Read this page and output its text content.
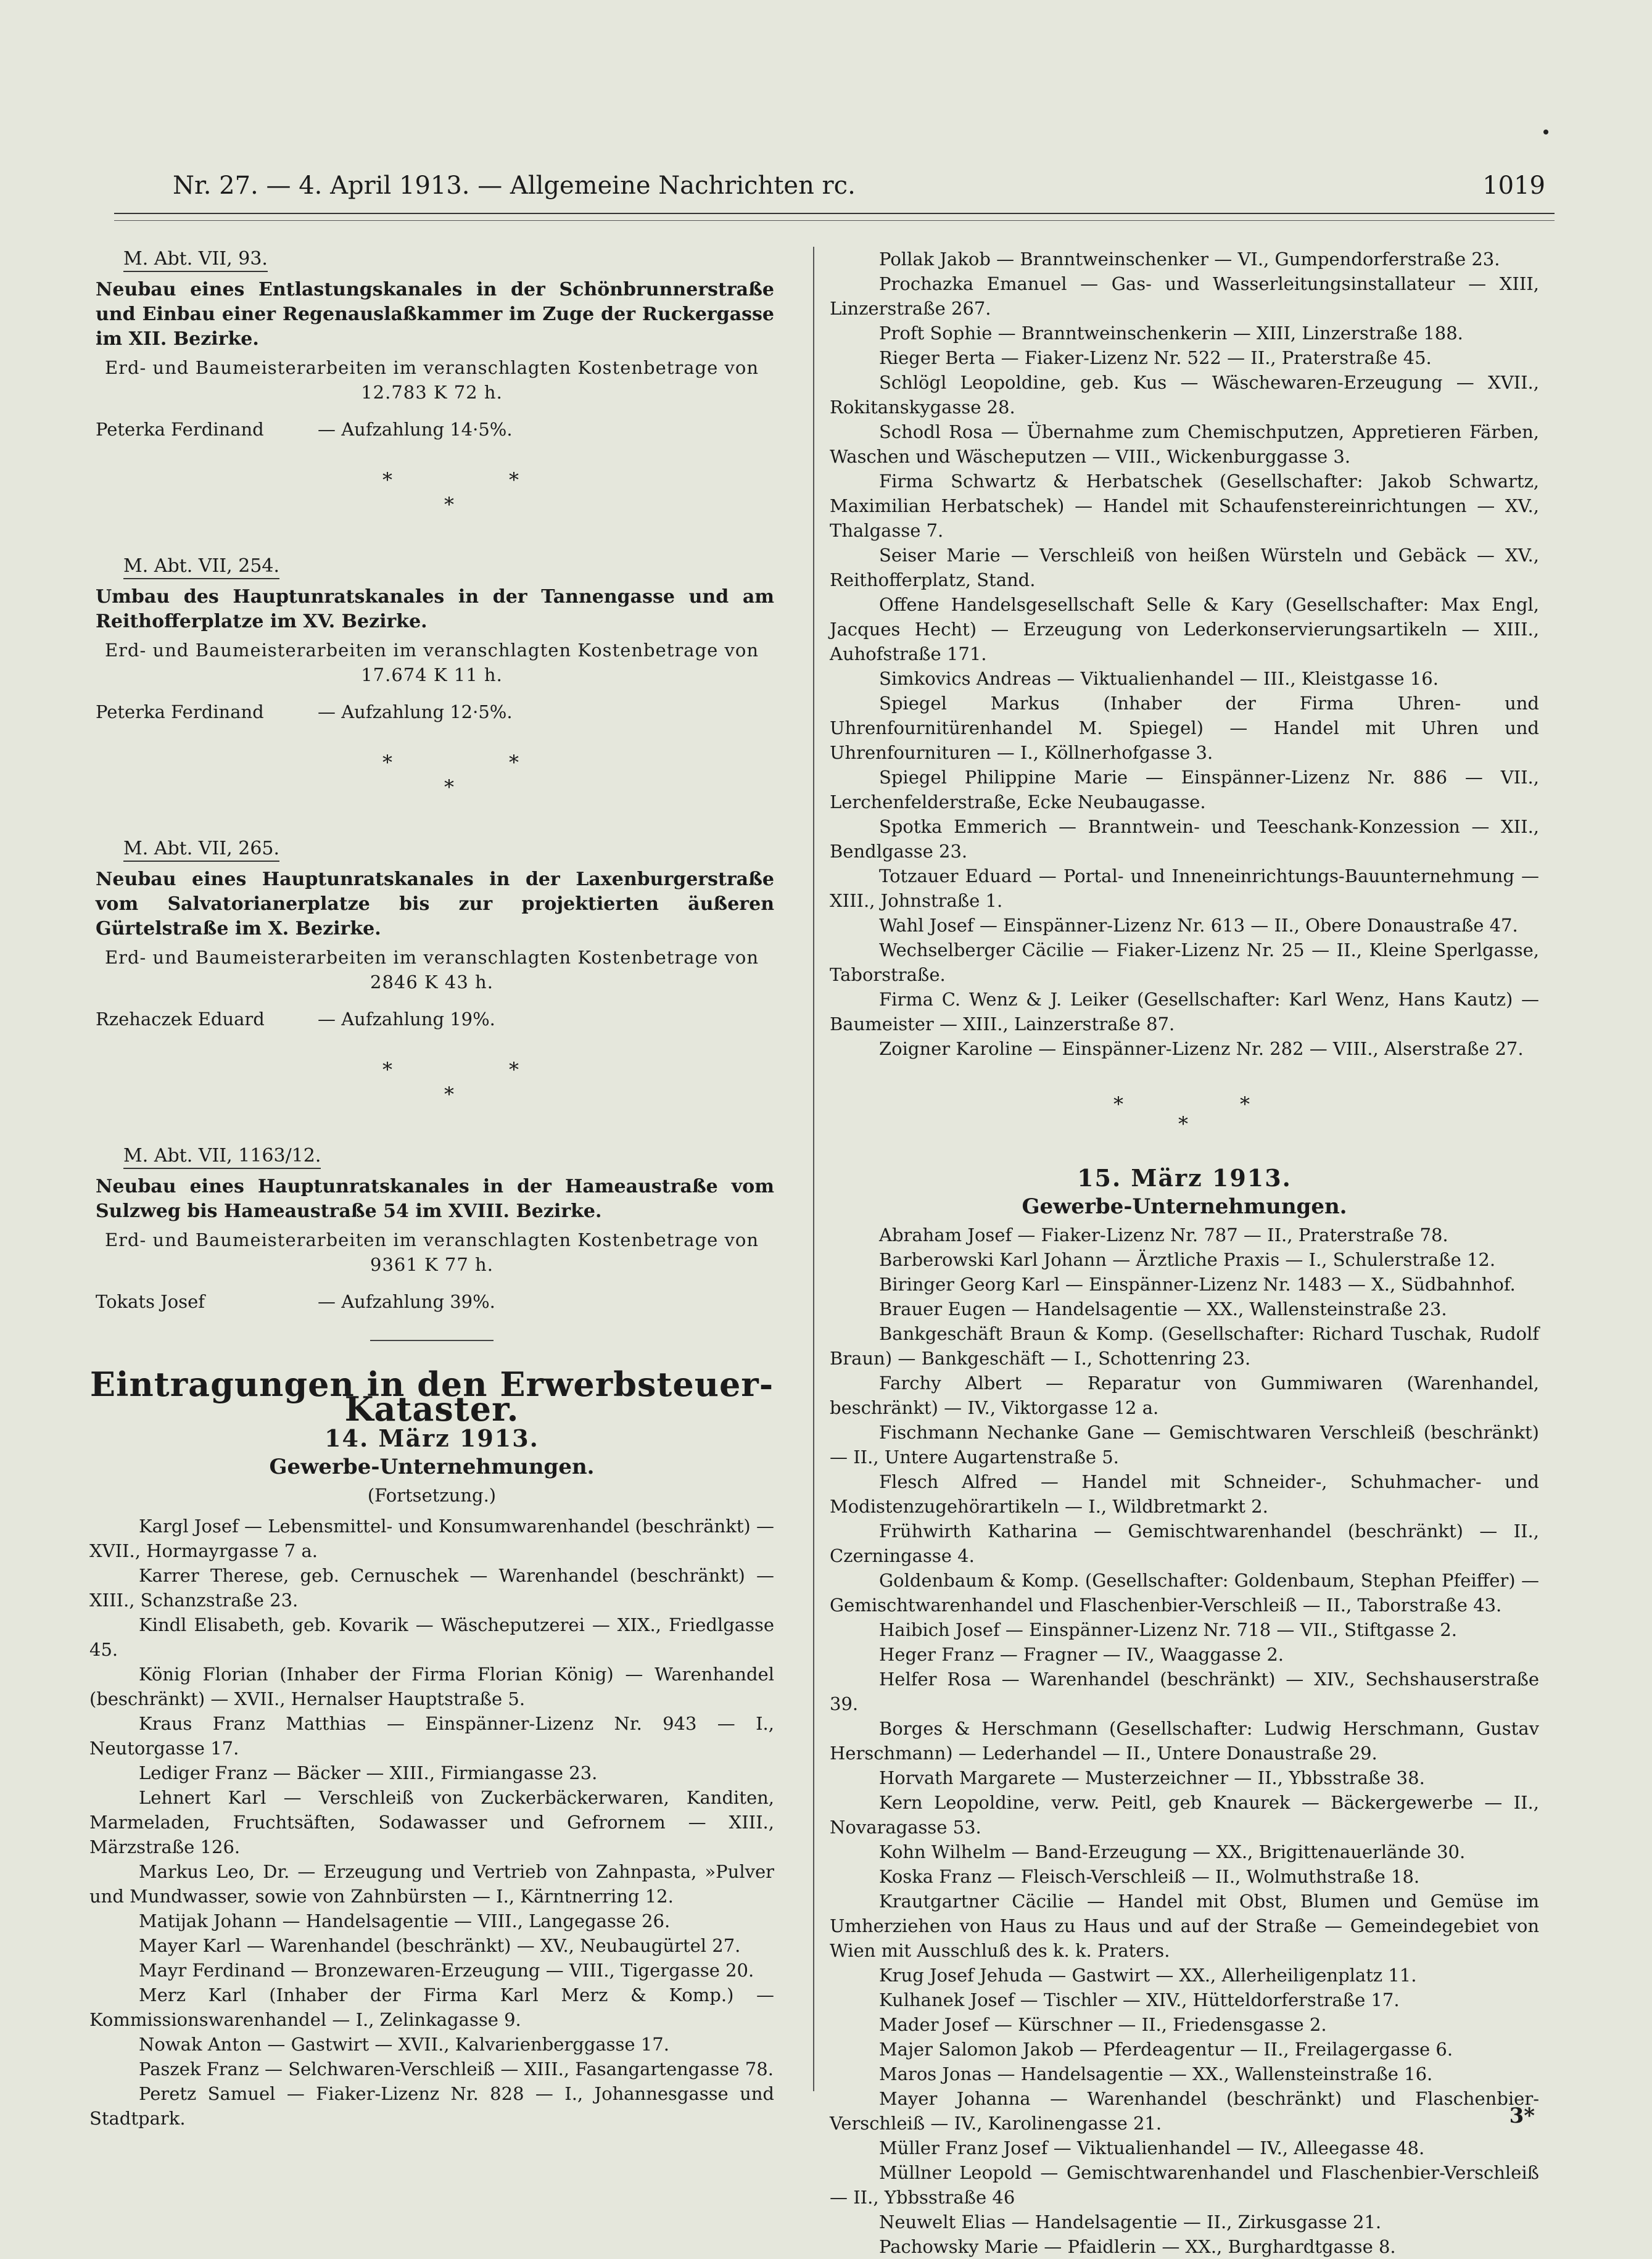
Nr. 27. — 4. April 1913. — Allgemeine Nachrichten rc.	1019
M. Abt. VII, 93.
Neubau eines Entlastungskanales in der Schönbrunnerstraße und Einbau einer Regenauslaßkammer im Zuge der Ruckergasse im XII. Bezirke.
Erd- und Baumeisterarbeiten im veranschlagten Kostenbetrage von 12.783 K 72 h.
Peterka Ferdinand	— Aufzahlung 14·5%.
*	*
*
M. Abt. VII, 254.
Umbau des Hauptunratskanales in der Tannengasse und am Reithofferplatze im XV. Bezirke.
Erd- und Baumeisterarbeiten im veranschlagten Kostenbetrage von 17.674 K 11 h.
Peterka Ferdinand	— Aufzahlung 12·5%.
*	*
*
M. Abt. VII, 265.
Neubau eines Hauptunratskanales in der Laxenburgerstraße vom Salvatorianerplatze bis zur projektierten äußeren Gürtelstraße im X. Bezirke.
Erd- und Baumeisterarbeiten im veranschlagten Kostenbetrage von 2846 K 43 h.
Rzehaczek Eduard	— Aufzahlung 19%.
*	*
*
M. Abt. VII, 1163/12.
Neubau eines Hauptunratskanales in der Hameaustraße vom Sulzweg bis Hameaustraße 54 im XVIII. Bezirke.
Erd- und Baumeisterarbeiten im veranschlagten Kostenbetrage von 9361 K 77 h.
Tokats Josef	— Aufzahlung 39%.
Eintragungen in den Erwerbsteuer-Kataster.
14. März 1913.
Gewerbe-Unternehmungen.
(Fortsetzung.)

Kargl Josef — Lebensmittel- und Konsumwarenhandel (beschränkt) — XVII., Hormayrgasse 7 a.

Karrer Therese, geb. Cernuschek — Warenhandel (beschränkt) — XIII., Schanzstraße 23.

Kindl Elisabeth, geb. Kovarik — Wäscheputzerei — XIX., Friedlgasse 45.

König Florian (Inhaber der Firma Florian König) — Warenhandel (beschränkt) — XVII., Hernalser Hauptstraße 5.

Kraus Franz Matthias — Einspänner-Lizenz Nr. 943 — I., Neutorgasse 17.

Lediger Franz — Bäcker — XIII., Firmiangasse 23.

Lehnert Karl — Verschleiß von Zuckerbäckerwaren, Kanditen, Marmeladen, Fruchtsäften, Sodawasser und Gefrornem — XIII., Märzstraße 126.

Markus Leo, Dr. — Erzeugung und Vertrieb von Zahnpasta, »Pulver und Mundwasser, sowie von Zahnbürsten — I., Kärntnerring 12.

Matijak Johann — Handelsagentie — VIII., Langegasse 26.

Mayer Karl — Warenhandel (beschränkt) — XV., Neubaugürtel 27.

Mayr Ferdinand — Bronzewaren-Erzeugung — VIII., Tigergasse 20.

Merz Karl (Inhaber der Firma Karl Merz & Komp.) — Kommissionswarenhandel — I., Zelinkagasse 9.

Nowak Anton — Gastwirt — XVII., Kalvarienberggasse 17.

Paszek Franz — Selchwaren-Verschleiß — XIII., Fasangartengasse 78.

Peretz Samuel — Fiaker-Lizenz Nr. 828 — I., Johannesgasse und Stadtpark.

Pollak Jakob — Branntweinschenker — VI., Gumpendorferstraße 23.

Prochazka Emanuel — Gas- und Wasserleitungsinstallateur — XIII, Linzerstraße 267.

Proft Sophie — Branntweinschenkerin — XIII, Linzerstraße 188.

Rieger Berta — Fiaker-Lizenz Nr. 522 — II., Praterstraße 45.

Schlögl Leopoldine, geb. Kus — Wäschewaren-Erzeugung — XVII., Rokitanskygasse 28.

Schodl Rosa — Übernahme zum Chemischputzen, Appretieren Färben, Waschen und Wäscheputzen — VIII., Wickenburggasse 3.

Firma Schwartz & Herbatschek (Gesellschafter: Jakob Schwartz, Maximilian Herbatschek) — Handel mit Schaufenstereinrichtungen — XV., Thalgasse 7.

Seiser Marie — Verschleiß von heißen Würsteln und Gebäck — XV., Reithofferplatz, Stand.

Offene Handelsgesellschaft Selle & Kary (Gesellschafter: Max Engl, Jacques Hecht) — Erzeugung von Lederkonservierungsartikeln — XIII., Auhofstraße 171.

Simkovics Andreas — Viktualienhandel — III., Kleistgasse 16.

Spiegel Markus (Inhaber der Firma Uhren- und Uhrenfournitürenhandel M. Spiegel) — Handel mit Uhren und Uhrenfournituren — I., Köllnerhofgasse 3.

Spiegel Philippine Marie — Einspänner-Lizenz Nr. 886 — VII., Lerchenfelderstraße, Ecke Neubaugasse.

Spotka Emmerich — Branntwein- und Teeschank-Konzession — XII., Bendlgasse 23.

Totzauer Eduard — Portal- und Inneneinrichtungs-Bauunternehmung — XIII., Johnstraße 1.

Wahl Josef — Einspänner-Lizenz Nr. 613 — II., Obere Donaustraße 47.

Wechselberger Cäcilie — Fiaker-Lizenz Nr. 25 — II., Kleine Sperlgasse, Taborstraße.

Firma C. Wenz & J. Leiker (Gesellschafter: Karl Wenz, Hans Kautz) — Baumeister — XIII., Lainzerstraße 87.

Zoigner Karoline — Einspänner-Lizenz Nr. 282 — VIII., Alserstraße 27.

*	*
*
15. März 1913.
Gewerbe-Unternehmungen.

Abraham Josef — Fiaker-Lizenz Nr. 787 — II., Praterstraße 78.

Barberowski Karl Johann — Ärztliche Praxis — I., Schulerstraße 12.

Biringer Georg Karl — Einspänner-Lizenz Nr. 1483 — X., Südbahnhof.

Brauer Eugen — Handelsagentie — XX., Wallensteinstraße 23.

Bankgeschäft Braun & Komp. (Gesellschafter: Richard Tuschak, Rudolf Braun) — Bankgeschäft — I., Schottenring 23.

Farchy Albert — Reparatur von Gummiwaren (Warenhandel, beschränkt) — IV., Viktorgasse 12 a.

Fischmann Nechanke Gane — Gemischtwaren Verschleiß (beschränkt) — II., Untere Augartenstraße 5.

Flesch Alfred — Handel mit Schneider-, Schuhmacher- und Modistenzugehörartikeln — I., Wildbretmarkt 2.

Frühwirth Katharina — Gemischtwarenhandel (beschränkt) — II., Czerningasse 4.

Goldenbaum & Komp. (Gesellschafter: Goldenbaum, Stephan Pfeiffer) — Gemischtwarenhandel und Flaschenbier-Verschleiß — II., Taborstraße 43.

Haibich Josef — Einspänner-Lizenz Nr. 718 — VII., Stiftgasse 2.

Heger Franz — Fragner — IV., Waaggasse 2.

Helfer Rosa — Warenhandel (beschränkt) — XIV., Sechshauserstraße 39.

Borges & Herschmann (Gesellschafter: Ludwig Herschmann, Gustav Herschmann) — Lederhandel — II., Untere Donaustraße 29.

Horvath Margarete — Musterzeichner — II., Ybbsstraße 38.

Kern Leopoldine, verw. Peitl, geb Knaurek — Bäckergewerbe — II., Novaragasse 53.

Kohn Wilhelm — Band-Erzeugung — XX., Brigittenauerlände 30.

Koska Franz — Fleisch-Verschleiß — II., Wolmuthstraße 18.

Krautgartner Cäcilie — Handel mit Obst, Blumen und Gemüse im Umherziehen von Haus zu Haus und auf der Straße — Gemeindegebiet von Wien mit Ausschluß des k. k. Praters.

Krug Josef Jehuda — Gastwirt — XX., Allerheiligenplatz 11.

Kulhanek Josef — Tischler — XIV., Hütteldorferstraße 17.

Mader Josef — Kürschner — II., Friedensgasse 2.

Majer Salomon Jakob — Pferdeagentur — II., Freilagergasse 6.

Maros Jonas — Handelsagentie — XX., Wallensteinstraße 16.

Mayer Johanna — Warenhandel (beschränkt) und Flaschenbier-Verschleiß — IV., Karolinengasse 21.

Müller Franz Josef — Viktualienhandel — IV., Alleegasse 48.

Müllner Leopold — Gemischtwarenhandel und Flaschenbier-Verschleiß — II., Ybbsstraße 46

Neuwelt Elias — Handelsagentie — II., Zirkusgasse 21.

Pachowsky Marie — Pfaidlerin — XX., Burghardtgasse 8.

3*
